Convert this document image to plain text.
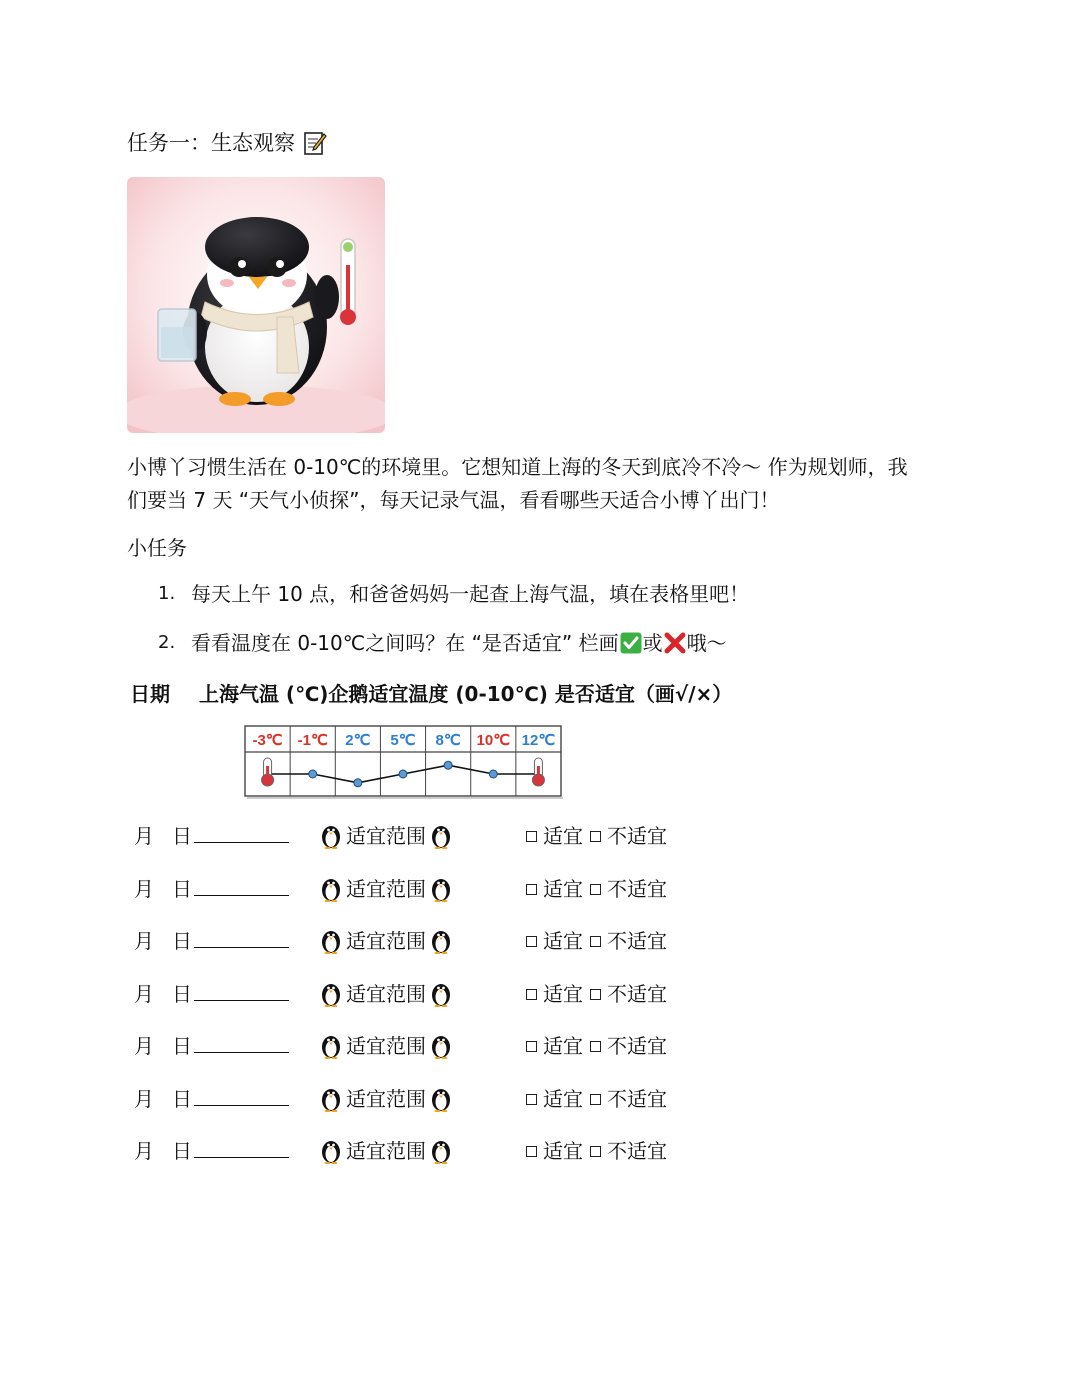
任务一：生态观察
小博丫习惯生活在 0-10℃的环境里。它想知道上海的冬天到底冷不冷～ 作为规划师，我
们要当 7 天 “天气小侦探”，每天记录气温，看看哪些天适合小博丫出门！
小任务
1. 每天上午 10 点，和爸爸妈妈一起查上海气温，填在表格里吧！
2. 看看温度在 0-10℃之间吗？在 “是否适宜” 栏画 或 哦～
日期 上海气温 (℃)企鹅适宜温度 (0-10℃) 是否适宜（画√/×）
-3℃ -1℃ 2℃ 5℃ 8℃ 10℃ 12℃
月 日	适宜范围	适宜 不适宜
月 日	适宜范围	适宜 不适宜
月 日	适宜范围	适宜 不适宜
月 日	适宜范围	适宜 不适宜
月 日	适宜范围	适宜 不适宜
月 日	适宜范围	适宜 不适宜
月 日	适宜范围	适宜 不适宜
